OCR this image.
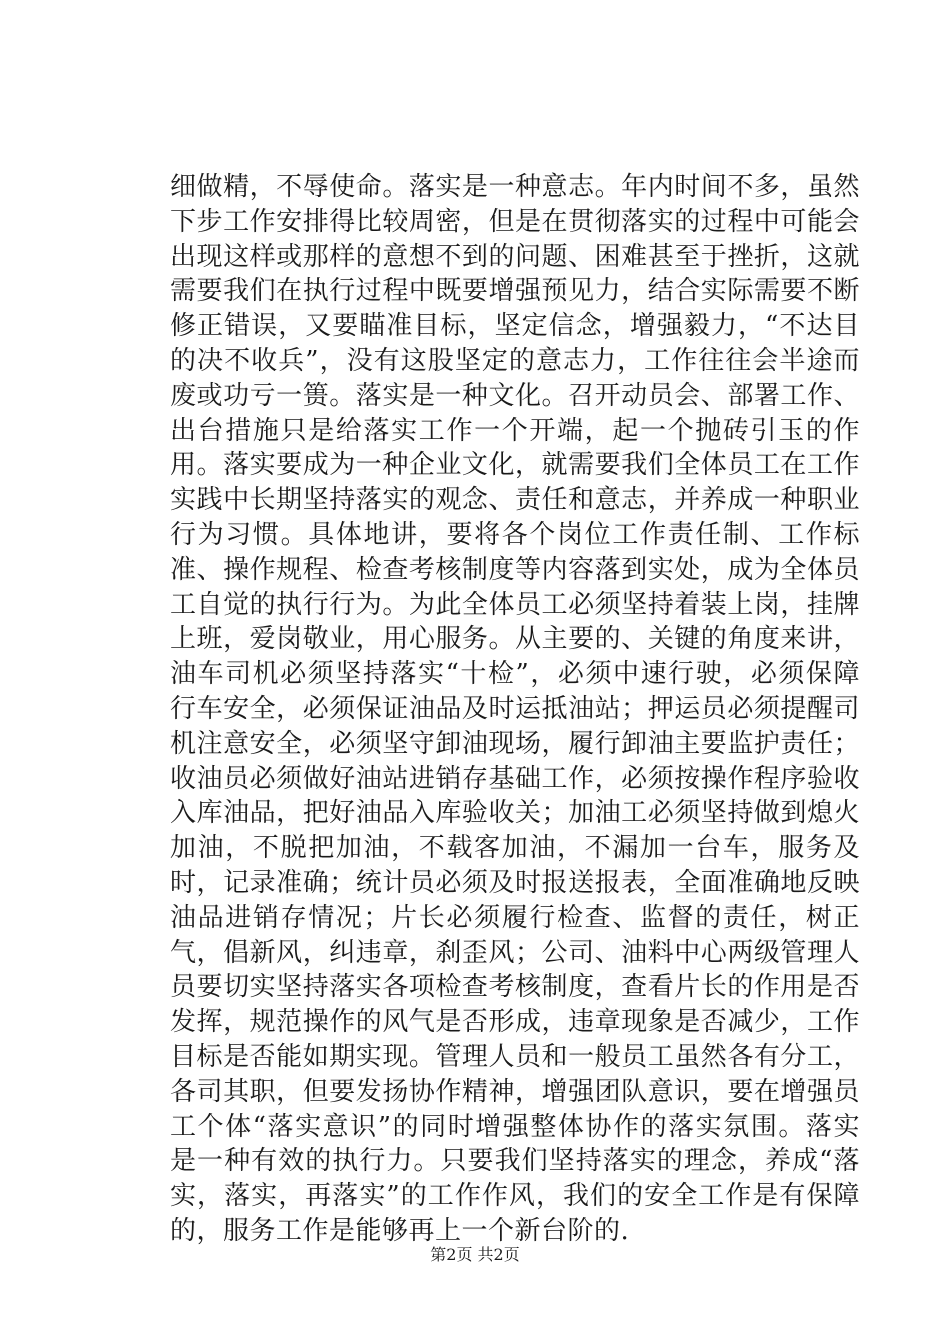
细做精，不辱使命。落实是一种意志。年内时间不多，虽然下步工作安排得比较周密，但是在贯彻落实的过程中可能会出现这样或那样的意想不到的问题、困难甚至于挫折，这就需要我们在执行过程中既要增强预见力，结合实际需要不断修正错误，又要瞄准目标，坚定信念，增强毅力，“不达目的决不收兵”，没有这股坚定的意志力，工作往往会半途而废或功亏一篑。落实是一种文化。召开动员会、部署工作、出台措施只是给落实工作一个开端，起一个抛砖引玉的作用。落实要成为一种企业文化，就需要我们全体员工在工作实践中长期坚持落实的观念、责任和意志，并养成一种职业行为习惯。具体地讲，要将各个岗位工作责任制、工作标准、操作规程、检查考核制度等内容落到实处，成为全体员工自觉的执行行为。为此全体员工必须坚持着装上岗，挂牌上班，爱岗敬业，用心服务。从主要的、关键的角度来讲，油车司机必须坚持落实“十检”，必须中速行驶，必须保障行车安全，必须保证油品及时运抵油站；押运员必须提醒司机注意安全，必须坚守卸油现场，履行卸油主要监护责任；收油员必须做好油站进销存基础工作，必须按操作程序验收入库油品，把好油品入库验收关；加油工必须坚持做到熄火加油，不脱把加油，不载客加油，不漏加一台车，服务及时，记录准确；统计员必须及时报送报表，全面准确地反映油品进销存情况；片长必须履行检查、监督的责任，树正气，倡新风，纠违章，刹歪风；公司、油料中心两级管理人员要切实坚持落实各项检查考核制度，查看片长的作用是否发挥，规范操作的风气是否形成，违章现象是否减少，工作目标是否能如期实现。管理人员和一般员工虽然各有分工，各司其职，但要发扬协作精神，增强团队意识，要在增强员工个体“落实意识”的同时增强整体协作的落实氛围。落实是一种有效的执行力。只要我们坚持落实的理念，养成“落实，落实，再落实”的工作作风，我们的安全工作是有保障的，服务工作是能够再上一个新台阶的.

第2页 共2页
